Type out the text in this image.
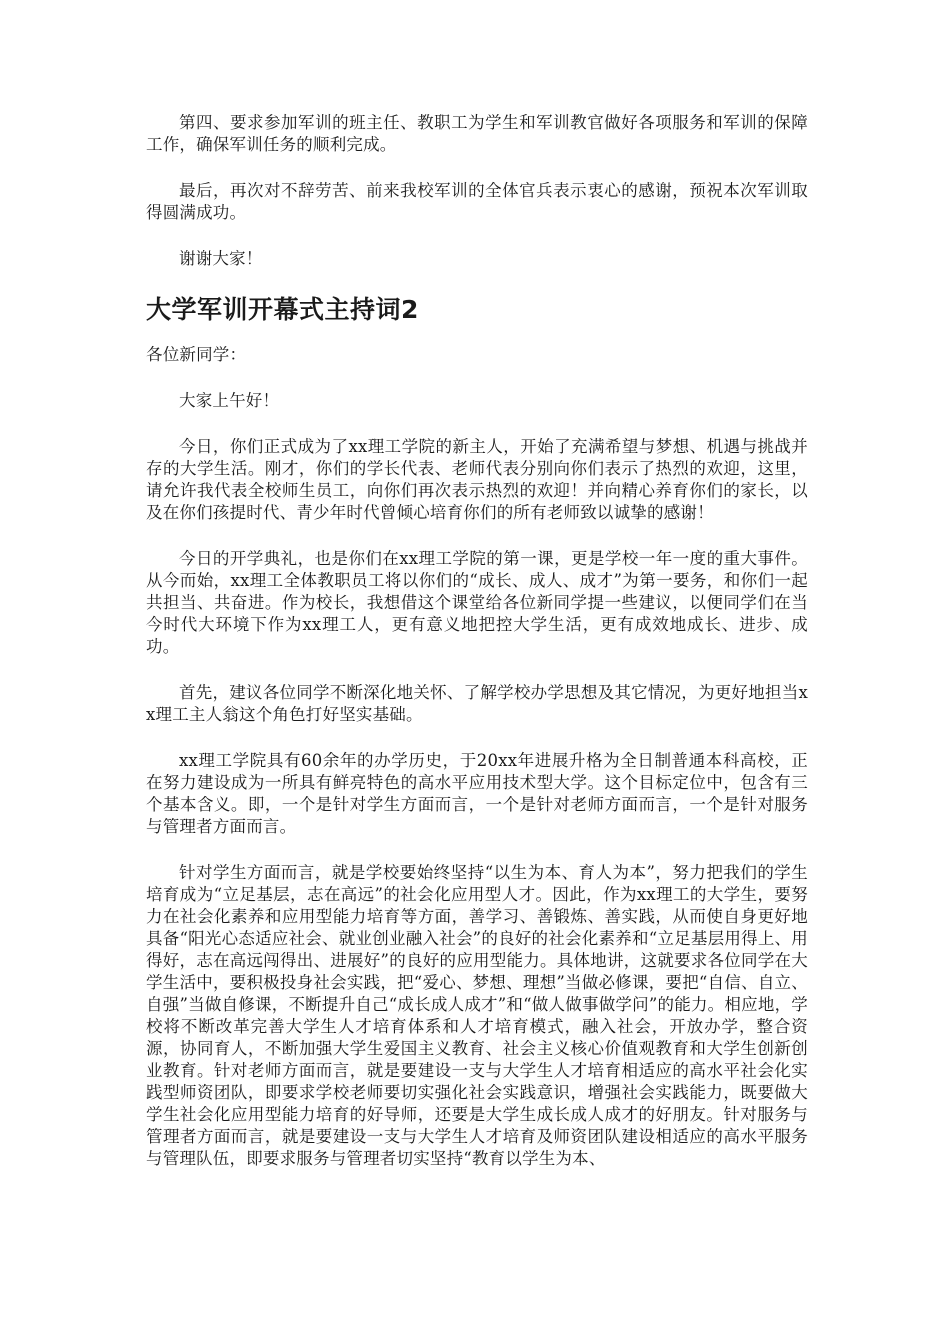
第四、要求参加军训的班主任、教职工为学生和军训教官做好各项服务和军训的保障工作，确保军训任务的顺利完成。

最后，再次对不辞劳苦、前来我校军训的全体官兵表示衷心的感谢，预祝本次军训取得圆满成功。

谢谢大家！

大学军训开幕式主持词2

各位新同学：

大家上午好！

今日，你们正式成为了xx理工学院的新主人，开始了充满希望与梦想、机遇与挑战并存的大学生活。刚才，你们的学长代表、老师代表分别向你们表示了热烈的欢迎，这里，请允许我代表全校师生员工，向你们再次表示热烈的欢迎！并向精心养育你们的家长，以及在你们孩提时代、青少年时代曾倾心培育你们的所有老师致以诚挚的感谢！

今日的开学典礼，也是你们在xx理工学院的第一课，更是学校一年一度的重大事件。从今而始，xx理工全体教职员工将以你们的“成长、成人、成才”为第一要务，和你们一起共担当、共奋进。作为校长，我想借这个课堂给各位新同学提一些建议，以便同学们在当今时代大环境下作为xx理工人，更有意义地把控大学生活，更有成效地成长、进步、成功。

首先，建议各位同学不断深化地关怀、了解学校办学思想及其它情况，为更好地担当xx理工主人翁这个角色打好坚实基础。

xx理工学院具有60余年的办学历史，于20xx年进展升格为全日制普通本科高校，正在努力建设成为一所具有鲜亮特色的高水平应用技术型大学。这个目标定位中，包含有三个基本含义。即，一个是针对学生方面而言，一个是针对老师方面而言，一个是针对服务与管理者方面而言。

针对学生方面而言，就是学校要始终坚持“以生为本、育人为本”，努力把我们的学生培育成为“立足基层，志在高远”的社会化应用型人才。因此，作为xx理工的大学生，要努力在社会化素养和应用型能力培育等方面，善学习、善锻炼、善实践，从而使自身更好地具备“阳光心态适应社会、就业创业融入社会”的良好的社会化素养和“立足基层用得上、用得好，志在高远闯得出、进展好”的良好的应用型能力。具体地讲，这就要求各位同学在大学生活中，要积极投身社会实践，把“爱心、梦想、理想”当做必修课，要把“自信、自立、自强”当做自修课，不断提升自己“成长成人成才”和“做人做事做学问”的能力。相应地，学校将不断改革完善大学生人才培育体系和人才培育模式，融入社会，开放办学，整合资源，协同育人，不断加强大学生爱国主义教育、社会主义核心价值观教育和大学生创新创业教育。针对老师方面而言，就是要建设一支与大学生人才培育相适应的高水平社会化实践型师资团队，即要求学校老师要切实强化社会实践意识，增强社会实践能力，既要做大学生社会化应用型能力培育的好导师，还要是大学生成长成人成才的好朋友。针对服务与管理者方面而言，就是要建设一支与大学生人才培育及师资团队建设相适应的高水平服务与管理队伍，即要求服务与管理者切实坚持“教育以学生为本、
